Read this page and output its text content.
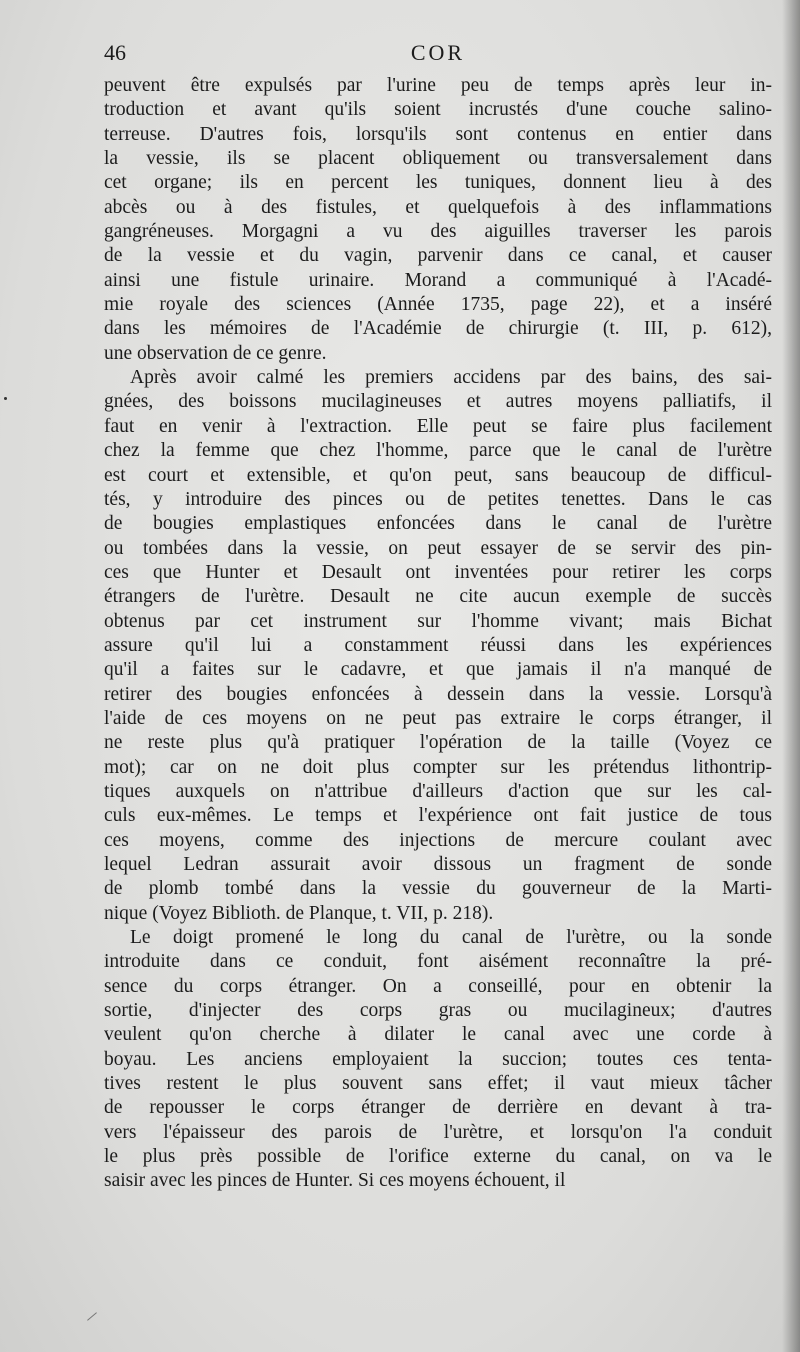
46	COR
peuvent être expulsés par l'urine peu de temps après leur in-
troduction et avant qu'ils soient incrustés d'une couche salino-
terreuse. D'autres fois, lorsqu'ils sont contenus en entier dans
la vessie, ils se placent obliquement ou transversalement dans
cet organe; ils en percent les tuniques, donnent lieu à des
abcès ou à des fistules, et quelquefois à des inflammations
gangréneuses. Morgagni a vu des aiguilles traverser les parois
de la vessie et du vagin, parvenir dans ce canal, et causer
ainsi une fistule urinaire. Morand a communiqué à l'Acadé-
mie royale des sciences (Année 1735, page 22), et a inséré
dans les mémoires de l'Académie de chirurgie (t. III, p. 612),
une observation de ce genre.
Après avoir calmé les premiers accidens par des bains, des sai-
gnées, des boissons mucilagineuses et autres moyens palliatifs, il
faut en venir à l'extraction. Elle peut se faire plus facilement
chez la femme que chez l'homme, parce que le canal de l'urètre
est court et extensible, et qu'on peut, sans beaucoup de difficul-
tés, y introduire des pinces ou de petites tenettes. Dans le cas
de bougies emplastiques enfoncées dans le canal de l'urètre
ou tombées dans la vessie, on peut essayer de se servir des pin-
ces que Hunter et Desault ont inventées pour retirer les corps
étrangers de l'urètre. Desault ne cite aucun exemple de succès
obtenus par cet instrument sur l'homme vivant; mais Bichat
assure qu'il lui a constamment réussi dans les expériences
qu'il a faites sur le cadavre, et que jamais il n'a manqué de
retirer des bougies enfoncées à dessein dans la vessie. Lorsqu'à
l'aide de ces moyens on ne peut pas extraire le corps étranger, il
ne reste plus qu'à pratiquer l'opération de la taille (Voyez ce
mot); car on ne doit plus compter sur les prétendus lithontrip-
tiques auxquels on n'attribue d'ailleurs d'action que sur les cal-
culs eux-mêmes. Le temps et l'expérience ont fait justice de tous
ces moyens, comme des injections de mercure coulant avec
lequel Ledran assurait avoir dissous un fragment de sonde
de plomb tombé dans la vessie du gouverneur de la Marti-
nique (Voyez Biblioth. de Planque, t. VII, p. 218).
Le doigt promené le long du canal de l'urètre, ou la sonde
introduite dans ce conduit, font aisément reconnaître la pré-
sence du corps étranger. On a conseillé, pour en obtenir la
sortie, d'injecter des corps gras ou mucilagineux; d'autres
veulent qu'on cherche à dilater le canal avec une corde à
boyau. Les anciens employaient la succion; toutes ces tenta-
tives restent le plus souvent sans effet; il vaut mieux tâcher
de repousser le corps étranger de derrière en devant à tra-
vers l'épaisseur des parois de l'urètre, et lorsqu'on l'a conduit
le plus près possible de l'orifice externe du canal, on va le
saisir avec les pinces de Hunter. Si ces moyens échouent, il
